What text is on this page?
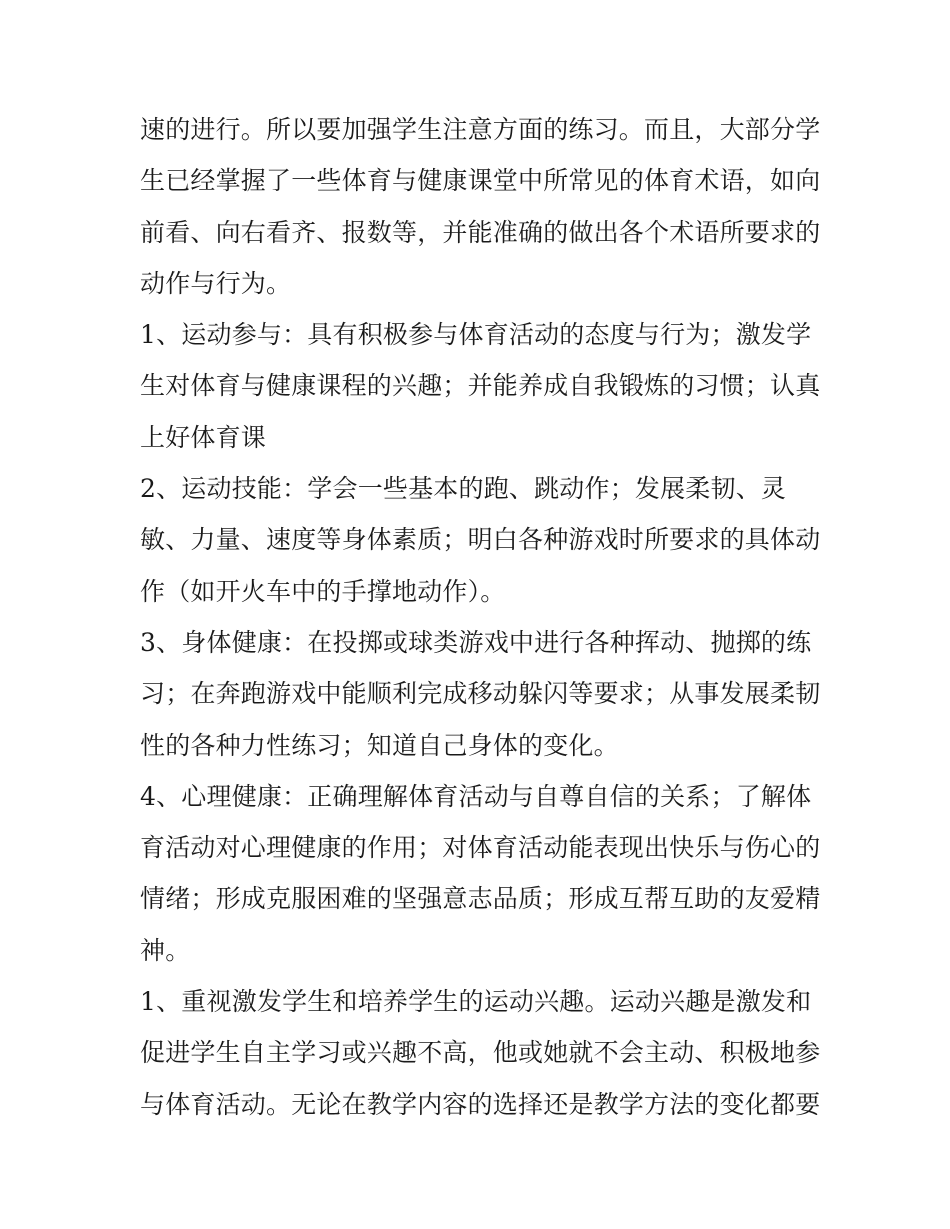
速的进行。所以要加强学生注意方面的练习。而且，大部分学
生已经掌握了一些体育与健康课堂中所常见的体育术语，如向
前看、向右看齐、报数等，并能准确的做出各个术语所要求的
动作与行为。
1、运动参与：具有积极参与体育活动的态度与行为；激发学
生对体育与健康课程的兴趣；并能养成自我锻炼的习惯；认真
上好体育课
2、运动技能：学会一些基本的跑、跳动作；发展柔韧、灵
敏、力量、速度等身体素质；明白各种游戏时所要求的具体动
作（如开火车中的手撑地动作）。
3、身体健康：在投掷或球类游戏中进行各种挥动、抛掷的练
习；在奔跑游戏中能顺利完成移动躲闪等要求；从事发展柔韧
性的各种力性练习；知道自己身体的变化。
4、心理健康：正确理解体育活动与自尊自信的关系；了解体
育活动对心理健康的作用；对体育活动能表现出快乐与伤心的
情绪；形成克服困难的坚强意志品质；形成互帮互助的友爱精
神。
1、重视激发学生和培养学生的运动兴趣。运动兴趣是激发和
促进学生自主学习或兴趣不高，他或她就不会主动、积极地参
与体育活动。无论在教学内容的选择还是教学方法的变化都要
